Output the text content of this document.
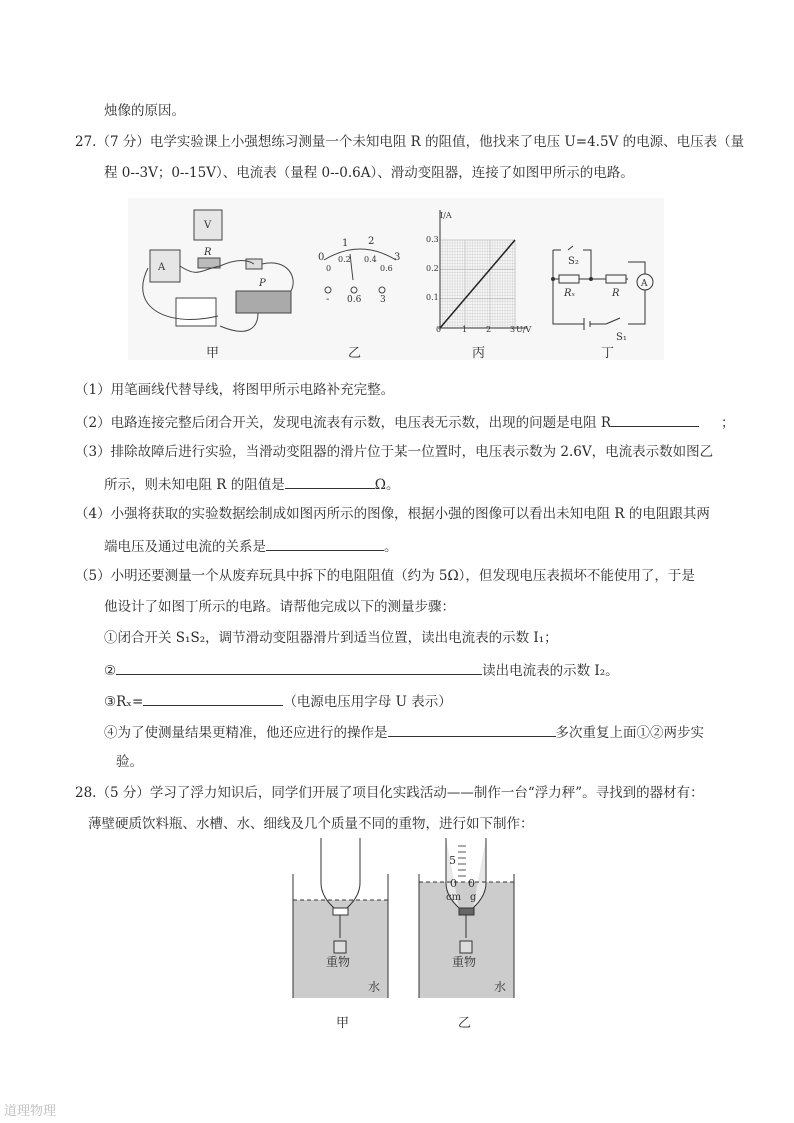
烛像的原因。
27.（7 分）电学实验课上小强想练习测量一个未知电阻 R 的阻值，他找来了电压 U=4.5V 的电源、电压表（量
程 0--3V；0--15V）、电流表（量程 0--0.6A）、滑动变阻器，连接了如图甲所示的电路。
A
V
R
P
0
1 2
3
0
0.2 0.4
0.6
- 0.6 3
I/A
U/V
0.1
0.2
0.3
0	1 2 3
S₂
Rₓ	R
A
S₁
甲	乙	丙	丁
（1）用笔画线代替导线，将图甲所示电路补充完整。
（2）电路连接完整后闭合开关，发现电流表有示数，电压表无示数，出现的问题是电阻 R	；
（3）排除故障后进行实验，当滑动变阻器的滑片位于某一位置时，电压表示数为 2.6V，电流表示数如图乙
所示，则未知电阻 R 的阻值是	Ω。
（4）小强将获取的实验数据绘制成如图丙所示的图像，根据小强的图像可以看出未知电阻 R 的电阻跟其两
端电压及通过电流的关系是	。
（5）小明还要测量一个从废弃玩具中拆下的电阻阻值（约为 5Ω），但发现电压表损坏不能使用了，于是
他设计了如图丁所示的电路。请帮他完成以下的测量步骤：
①闭合开关 S₁S₂，调节滑动变阻器滑片到适当位置，读出电流表的示数 I₁；
②	读出电流表的示数 I₂。
③Rₓ=	（电源电压用字母 U 表示）
④为了使测量结果更精准，他还应进行的操作是	多次重复上面①②两步实
验。
28.（5 分）学习了浮力知识后，同学们开展了项目化实践活动——制作一台“浮力秤”。寻找到的器材有：
薄壁硬质饮料瓶、水槽、水、细线及几个质量不同的重物，进行如下制作：
重物	重物
水	水
5
0 0
cm g
甲	乙
道理物理
